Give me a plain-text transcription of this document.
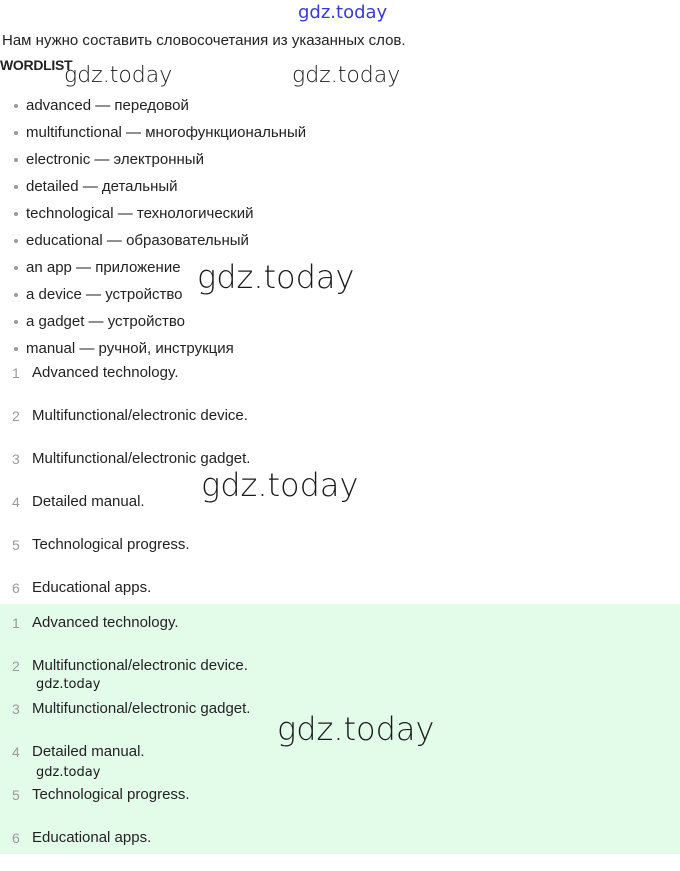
gdz.today
Нам нужно составить словосочетания из указанных слов.
WORDLIST
gdz.today	gdz.today
advanced — передовой
multifunctional — многофункциональный
electronic — электронный
detailed — детальный
technological — технологический
educational — образовательный
an app — приложение
a device — устройство
a gadget — устройство
manual — ручной, инструкция
gdz.today
1 Advanced technology.
2 Multifunctional/electronic device.
3 Multifunctional/electronic gadget.
4 Detailed manual.
5 Technological progress.
6 Educational apps.
gdz.today
1 Advanced technology.
2 Multifunctional/electronic device.
3 Multifunctional/electronic gadget.
4 Detailed manual.
5 Technological progress.
6 Educational apps.
gdz.today
gdz.today
gdz.today
